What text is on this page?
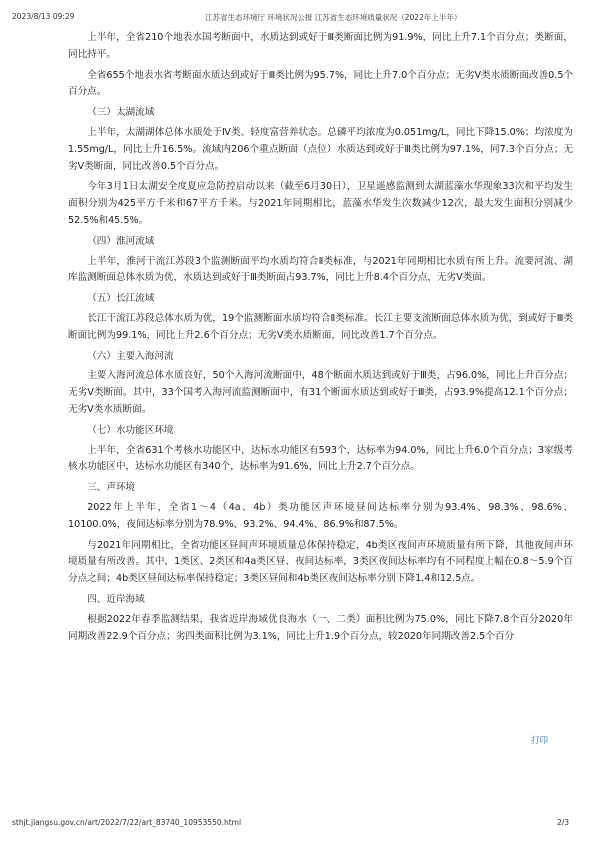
2023/8/13 09:29	江苏省生态环境厅 环境状况公报 江苏省生态环境质量状况（2022年上半年）

上半年，全省210个地表水国考断面中，水质达到或好于Ⅲ类断面比例为91.9%，同比上升7.1个百分点；类断面，同比持平。

全省655个地表水省考断面水质达到或好于Ⅲ类比例为95.7%，同比上升7.0个百分点；无劣Ⅴ类水质断面改善0.5个百分点。

（三）太湖流域

上半年，太湖湖体总体水质处于Ⅳ类、轻度富营养状态。总磷平均浓度为0.051mg/L，同比下降15.0%；均浓度为1.55mg/L，同比上升16.5%。流域内206个重点断面（点位）水质达到或好于Ⅲ类比例为97.1%，同7.3个百分点；无劣Ⅴ类断面，同比改善0.5个百分点。

今年3月1日太湖安全度夏应急防控启动以来（截至6月30日），卫星遥感监测到太湖蓝藻水华现象33次和平均发生面积分别为425平方千米和67平方千米。与2021年同期相比，蓝藻水华发生次数减少12次，最大发生面积分别减少52.5%和45.5%。

（四）淮河流域

上半年，淮河干流江苏段3个监测断面平均水质均符合Ⅱ类标准，与2021年同期相比水质有所上升。流要河流、湖库监测断面总体水质为优，水质达到或好于Ⅲ类断面占93.7%，同比上升8.4个百分点，无劣Ⅴ类面。

（五）长江流域

长江干流江苏段总体水质为优，19个监测断面水质均符合Ⅱ类标准。长江主要支流断面总体水质为优，到或好于Ⅲ类断面比例为99.1%，同比上升2.6个百分点；无劣Ⅴ类水质断面，同比改善1.7个百分点。

（六）主要入海河流

主要入海河流总体水质良好，50个入海河流断面中，48个断面水质达到或好于Ⅲ类，占96.0%，同比上升百分点；无劣Ⅴ类断面。其中，33个国考入海河流监测断面中，有31个断面水质达到或好于Ⅲ类，占93.9%提高12.1个百分点；无劣Ⅴ类水质断面。

（七）水功能区环境

上半年，全省631个考核水功能区中，达标水功能区有593个，达标率为94.0%，同比上升6.0个百分点；3家级考核水功能区中，达标水功能区有340个，达标率为91.6%，同比上升2.7个百分点。

三、声环境

2022年上半年，全省1～4（4a、4b）类功能区声环境昼间达标率分别为93.4%、98.3%、98.6%、10100.0%，夜间达标率分别为78.9%、93.2%、94.4%、86.9%和87.5%。

与2021年同期相比，全省功能区昼间声环境质量总体保持稳定，4b类区夜间声环境质量有所下降，其他夜间声环境质量有所改善。其中，1类区、2类区和4a类区昼、夜间达标率，3类区夜间达标率均有不同程度上幅在0.8～5.9个百分点之间；4b类区昼间达标率保持稳定；3类区昼间和4b类区夜间达标率分别下降1.4和12.5点。

四、近岸海域

根据2022年春季监测结果，我省近岸海域优良海水（一、二类）面积比例为75.0%，同比下降7.8个百分2020年同期改善22.9个百分点；劣四类面积比例为3.1%，同比上升1.9个百分点，较2020年同期改善2.5个百分

打印
sthjt.jiangsu.gov.cn/art/2022/7/22/art_83740_10953550.html	2/3
